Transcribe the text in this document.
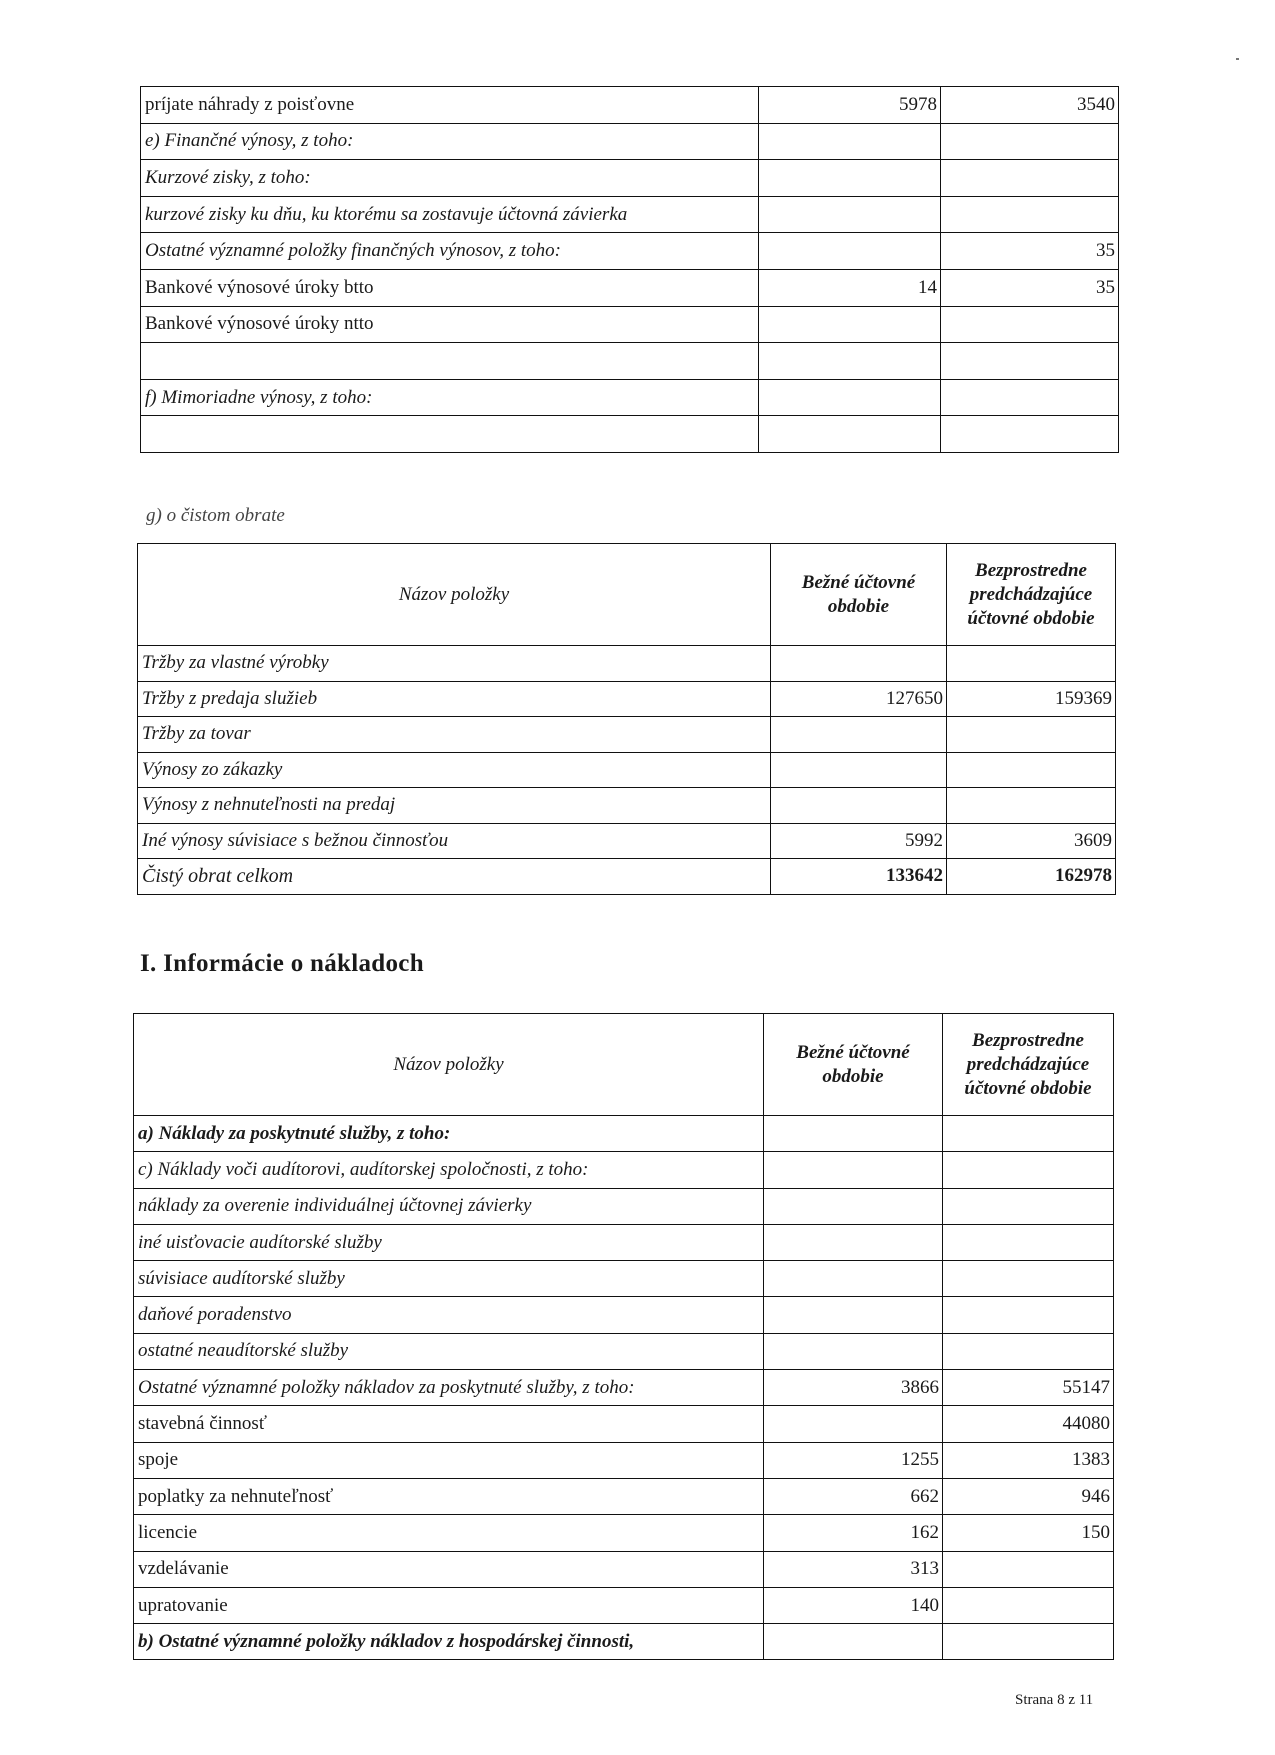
príjate náhrady z poisťovne	5978	3540
e) Finančné výnosy, z toho:		
Kurzové zisky, z toho:		
kurzové zisky ku dňu, ku ktorému sa zostavuje účtovná závierka		
Ostatné významné položky finančných výnosov, z toho:		35
Bankové výnosové úroky btto	14	35
Bankové výnosové úroky ntto		

f) Mimoriadne výnosy, z toho:		

g) o čistom obrate
Názov položky	Bežné účtovné obdobie	Bezprostredne predchádzajúce účtovné obdobie
Tržby za vlastné výrobky		
Tržby z predaja služieb	127650	159369
Tržby za tovar		
Výnosy zo zákazky		
Výnosy z nehnuteľnosti na predaj		
Iné výnosy súvisiace s bežnou činnosťou	5992	3609
Čistý obrat celkom	133642	162978
I. Informácie o nákladoch
Názov položky	Bežné účtovné obdobie	Bezprostredne predchádzajúce účtovné obdobie
a) Náklady za poskytnuté služby, z toho:		
c) Náklady voči audítorovi, audítorskej spoločnosti, z toho:		
náklady za overenie individuálnej účtovnej závierky		
iné uisťovacie audítorské služby		
súvisiace audítorské služby		
daňové poradenstvo		
ostatné neaudítorské služby		
Ostatné významné položky nákladov za poskytnuté služby, z toho:	3866	55147
stavebná činnosť		44080
spoje	1255	1383
poplatky za nehnuteľnosť	662	946
licencie	162	150
vzdelávanie	313	
upratovanie	140	
b) Ostatné významné položky nákladov z hospodárskej činnosti,		
Strana 8 z 11
